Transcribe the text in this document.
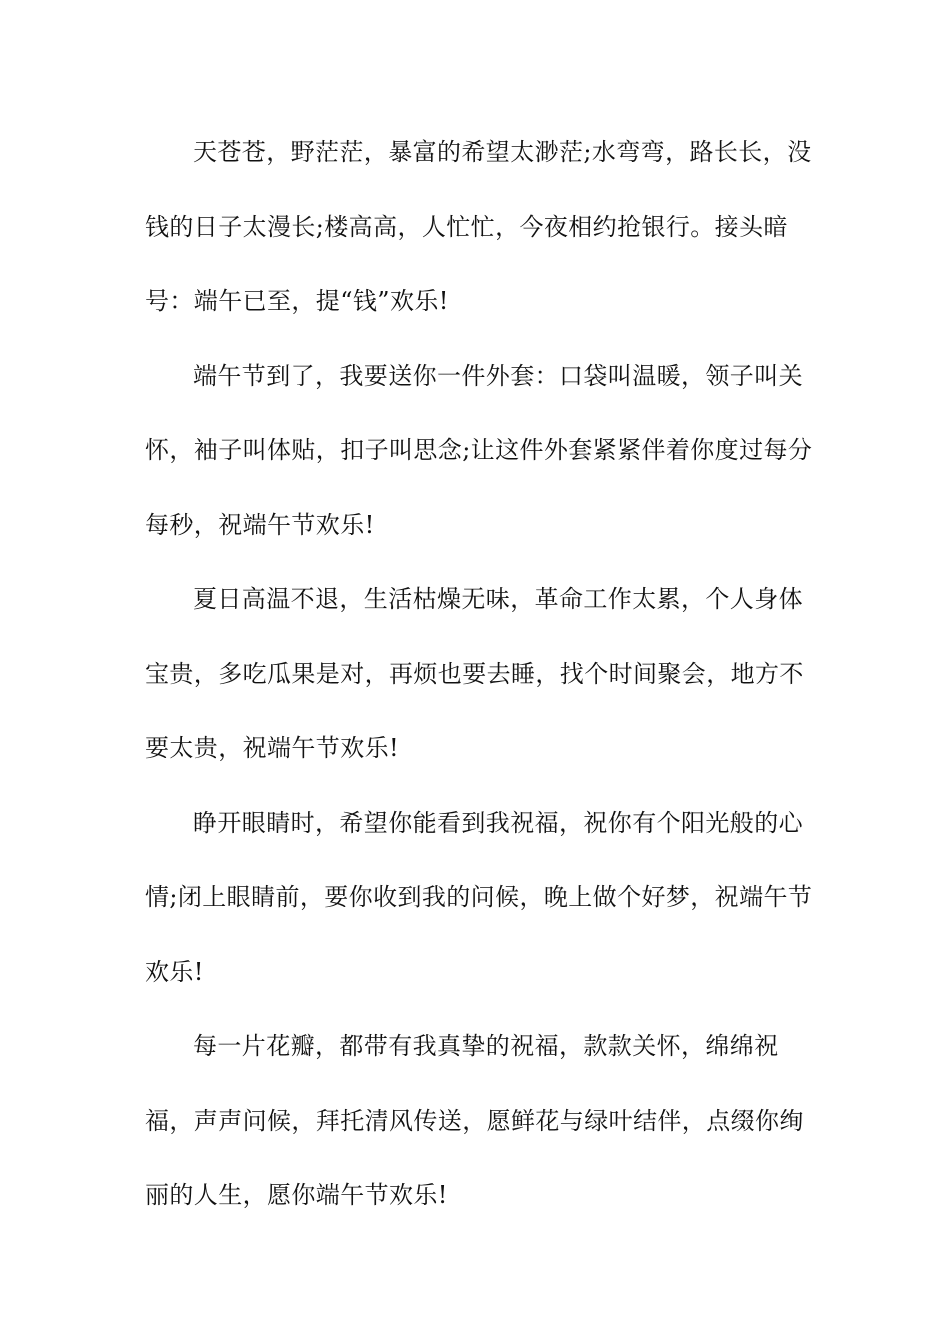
天苍苍，野茫茫，暴富的希望太渺茫;水弯弯，路长长，没钱的日子太漫长;楼高高，人忙忙，今夜相约抢银行。接头暗号：端午已至，提“钱”欢乐!

端午节到了，我要送你一件外套：口袋叫温暖，领子叫关怀，袖子叫体贴，扣子叫思念;让这件外套紧紧伴着你度过每分每秒，祝端午节欢乐!

夏日高温不退，生活枯燥无味，革命工作太累，个人身体宝贵，多吃瓜果是对，再烦也要去睡，找个时间聚会，地方不要太贵，祝端午节欢乐!

睁开眼睛时，希望你能看到我祝福，祝你有个阳光般的心情;闭上眼睛前，要你收到我的问候，晚上做个好梦，祝端午节欢乐!

每一片花瓣，都带有我真挚的祝福，款款关怀，绵绵祝福，声声问候，拜托清风传送，愿鲜花与绿叶结伴，点缀你绚丽的人生，愿你端午节欢乐!
